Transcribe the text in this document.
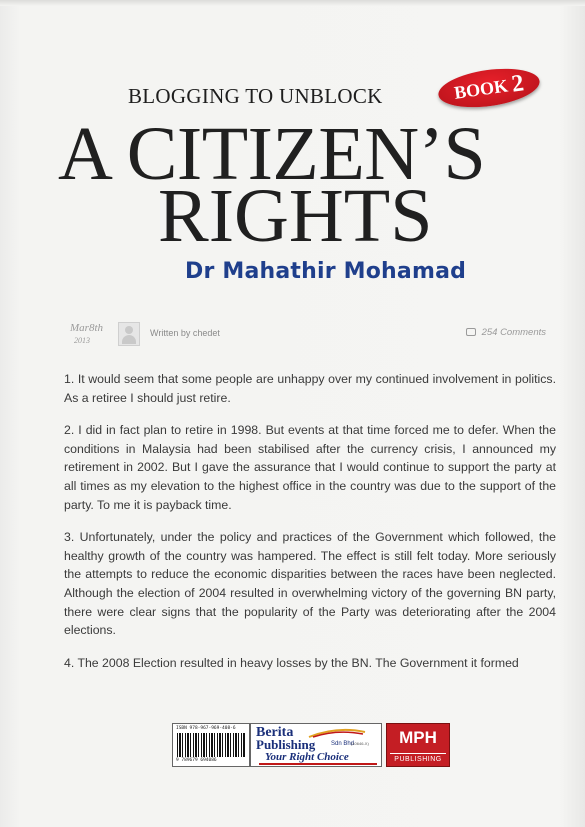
BLOGGING TO UNBLOCK	BOOK 2
A CITIZEN’S
RIGHTS
Dr Mahathir Mohamad
Mar8th
2013
Written by chedet	254 Comments

1. It would seem that some people are unhappy over my continued involvement in politics. As a retiree I should just retire.

2. I did in fact plan to retire in 1998. But events at that time forced me to defer. When the conditions in Malaysia had been stabilised after the currency crisis, I announced my retirement in 2002. But I gave the assurance that I would continue to support the party at all times as my elevation to the highest office in the country was due to the support of the party. To me it is payback time.

3. Unfortunately, under the policy and practices of the Government which followed, the healthy growth of the country was hampered. The effect is still felt today. More seriously the attempts to reduce the economic disparities between the races have been neglected. Although the election of 2004 resulted in overwhelming victory of the governing BN party, there were clear signs that the popularity of the Party was deteriorating after the 2004 elections.

4. The 2008 Election resulted in heavy losses by the BN. The Government it formed

ISBN 978-967-969-408-6
9 789679 694086
Berita
Publishing	Sdn Bhd
(10646-X)
Your Right Choice
MPH
PUBLISHING
